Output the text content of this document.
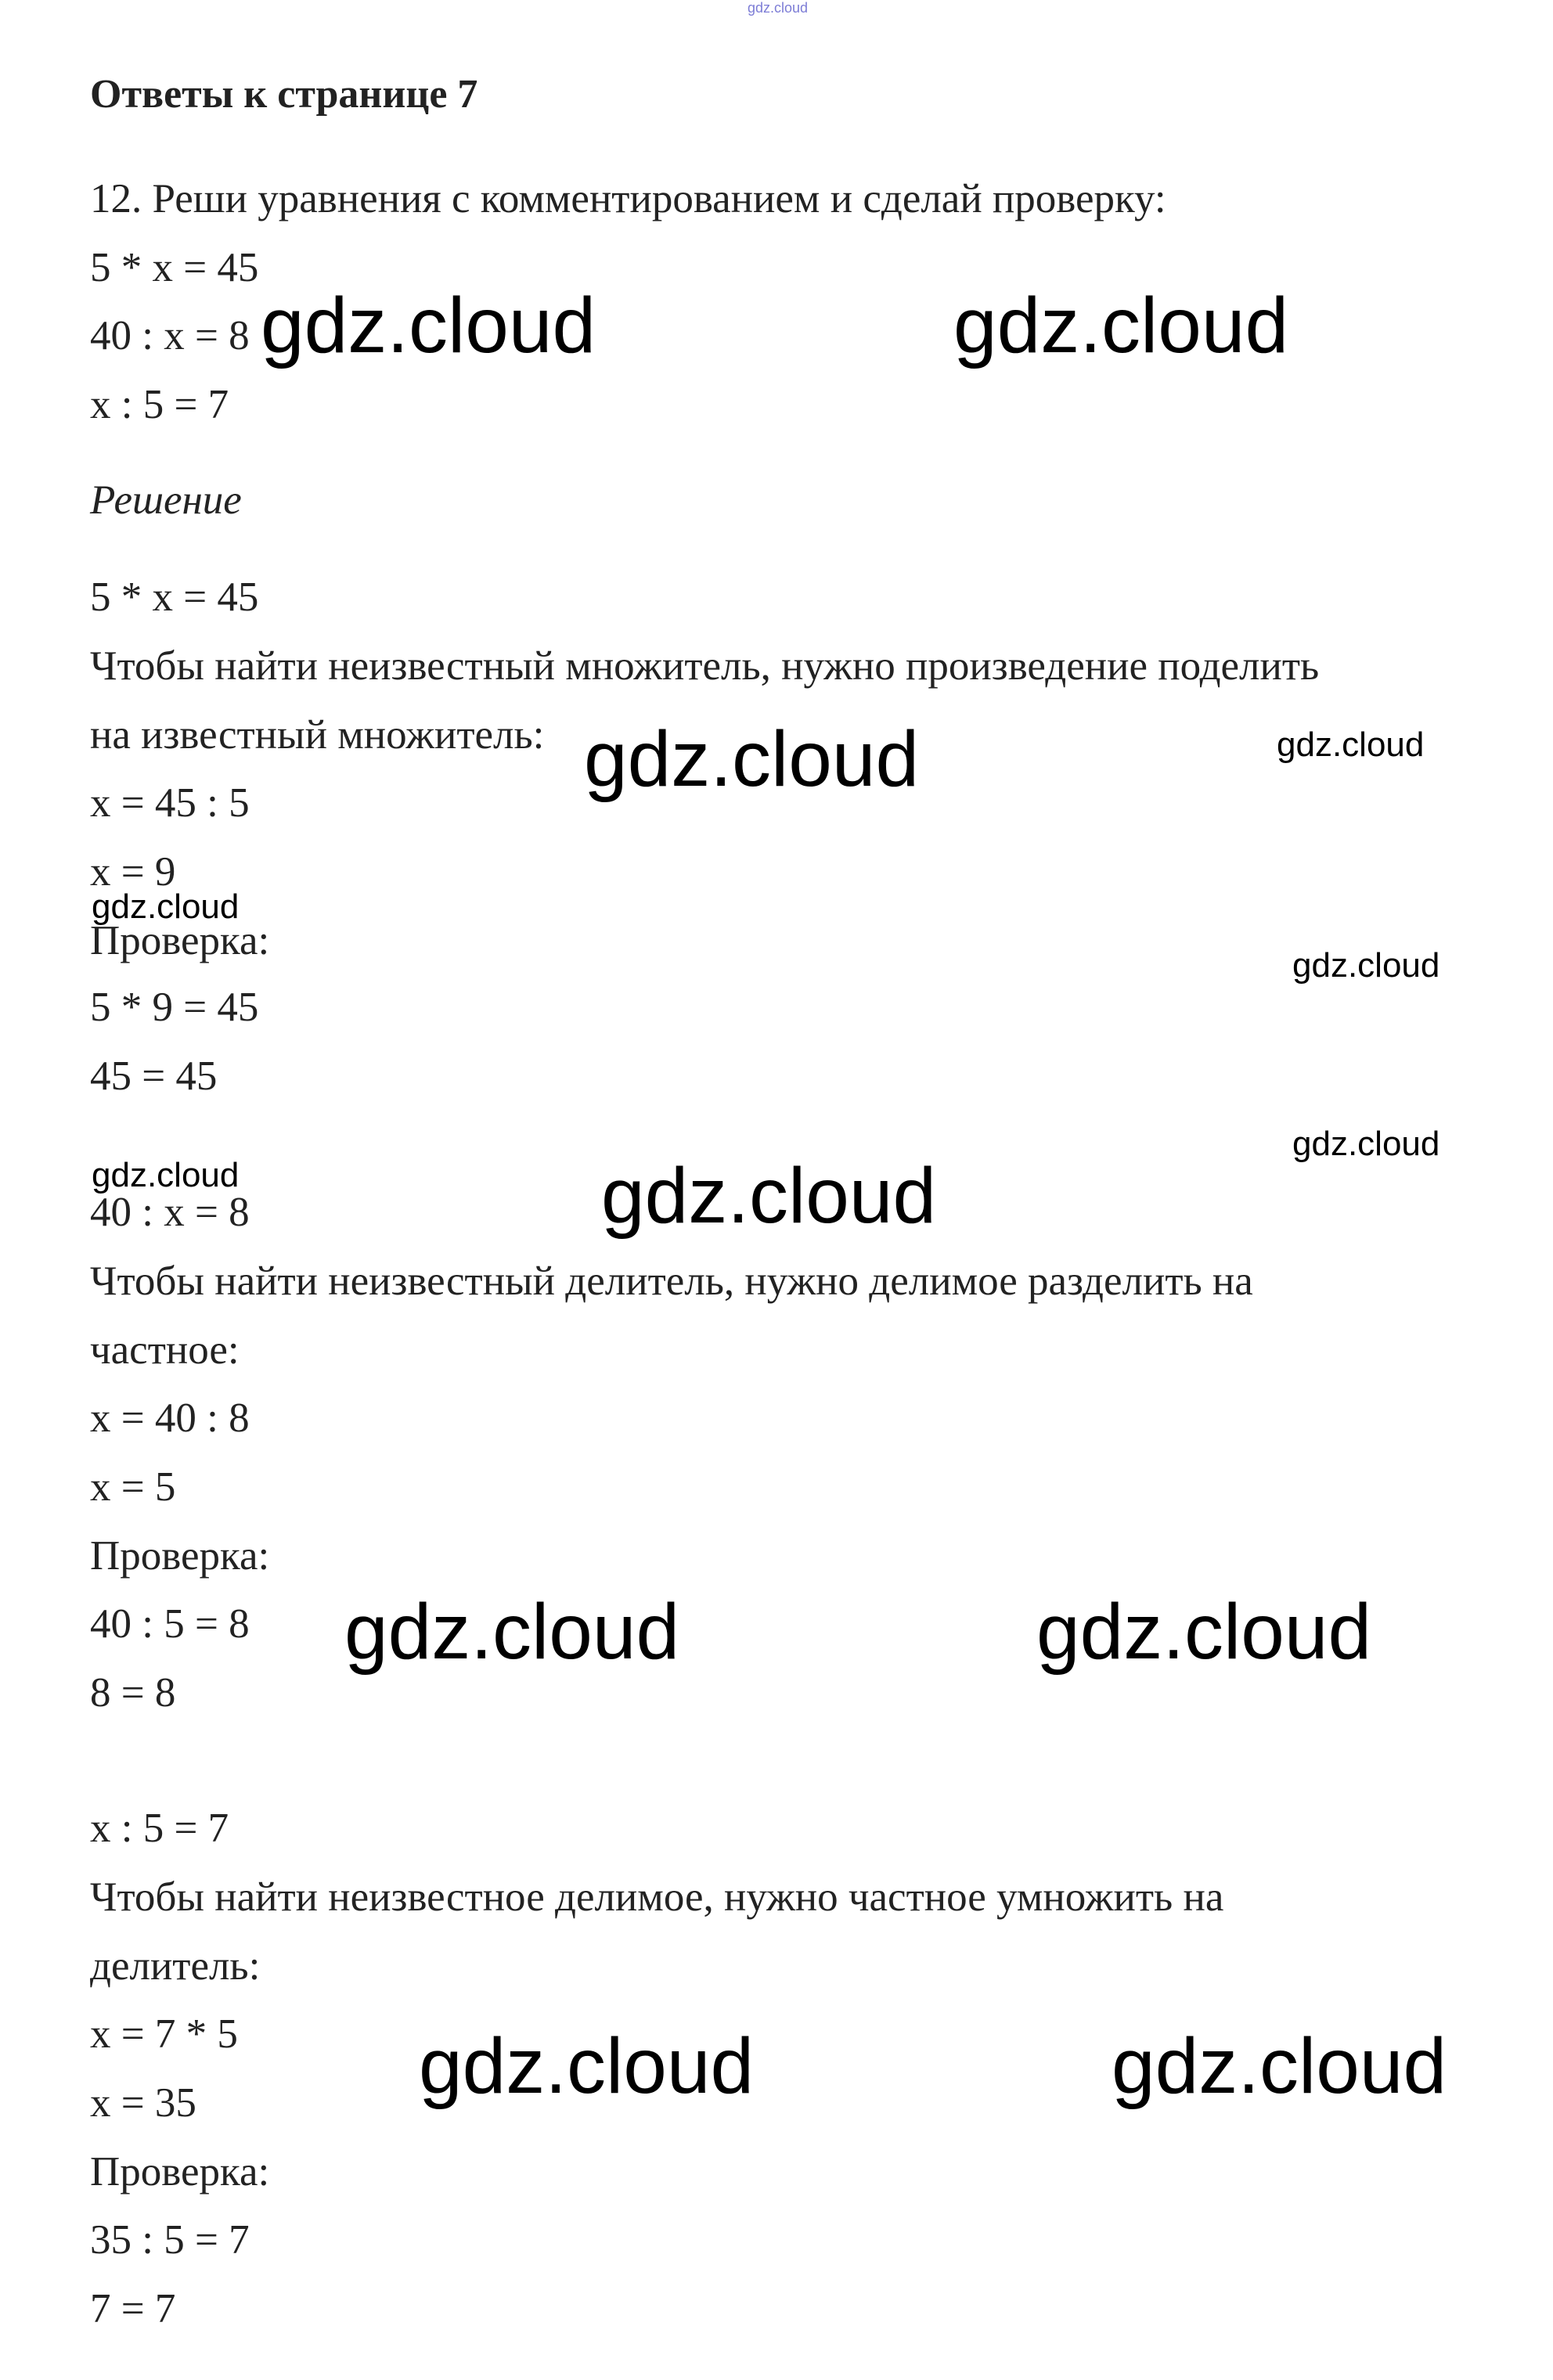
gdz.cloud
Ответы к странице 7
12. Реши уравнения с комментированием и сделай проверку:
5 * x = 45
40 : x = 8
x : 5 = 7
Решение
5 * x = 45
Чтобы найти неизвестный множитель, нужно произведение поделить
на известный множитель:
x = 45 : 5
x = 9
Проверка:
5 * 9 = 45
45 = 45
40 : x = 8
Чтобы найти неизвестный делитель, нужно делимое разделить на
частное:
x = 40 : 8
x = 5
Проверка:
40 : 5 = 8
8 = 8
x : 5 = 7
Чтобы найти неизвестное делимое, нужно частное умножить на
делитель:
x = 7 * 5
x = 35
Проверка:
35 : 5 = 7
7 = 7
gdz.cloud	gdz.cloud
gdz.cloud	gdz.cloud
gdz.cloud
gdz.cloud
gdz.cloud
gdz.cloud	gdz.cloud
gdz.cloud	gdz.cloud
gdz.cloud	gdz.cloud
